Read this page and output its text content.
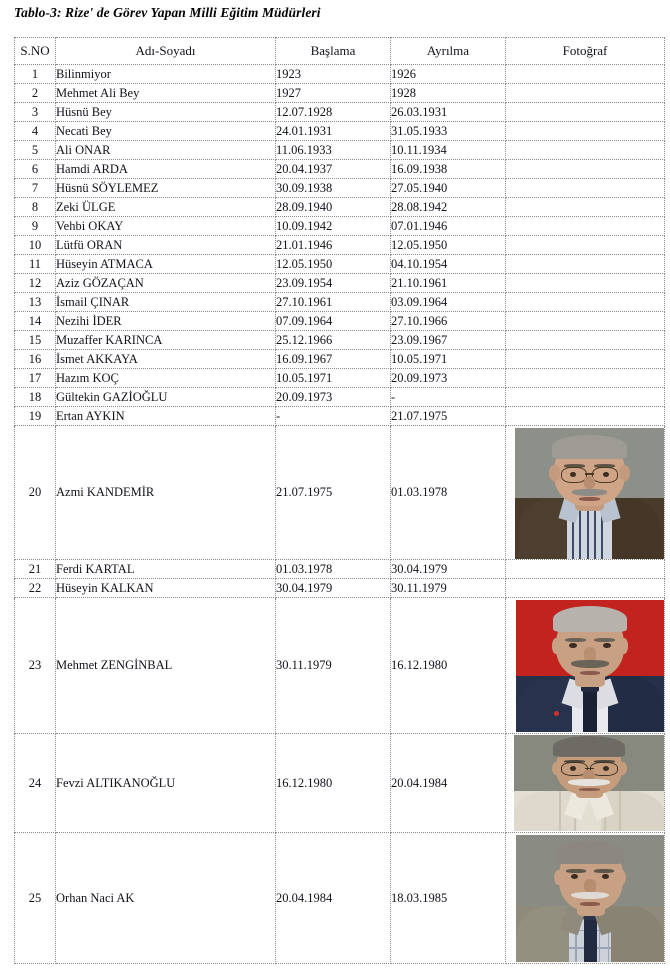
Tablo-3: Rize' de Görev Yapan Milli Eğitim Müdürleri
S.NO	Adı-Soyadı	Başlama	Ayrılma	Fotoğraf
1	Bilinmiyor	1923	1926	
2	Mehmet Ali Bey	1927	1928	
3	Hüsnü Bey	12.07.1928	26.03.1931	
4	Necati Bey	24.01.1931	31.05.1933	
5	Ali ONAR	11.06.1933	10.11.1934	
6	Hamdi ARDA	20.04.1937	16.09.1938	
7	Hüsnü SÖYLEMEZ	30.09.1938	27.05.1940	
8	Zeki ÜLGE	28.09.1940	28.08.1942	
9	Vehbi OKAY	10.09.1942	07.01.1946	
10	Lütfü ORAN	21.01.1946	12.05.1950	
11	Hüseyin ATMACA	12.05.1950	04.10.1954	
12	Aziz GÖZAÇAN	23.09.1954	21.10.1961	
13	İsmail ÇINAR	27.10.1961	03.09.1964	
14	Nezihi İDER	07.09.1964	27.10.1966	
15	Muzaffer KARINCA	25.12.1966	23.09.1967	
16	İsmet AKKAYA	16.09.1967	10.05.1971	
17	Hazım KOÇ	10.05.1971	20.09.1973	
18	Gültekin GAZİOĞLU	20.09.1973	-	
19	Ertan AYKIN	-	21.07.1975	
20	Azmi KANDEMİR	21.07.1975	01.03.1978	

21	Ferdi KARTAL	01.03.1978	30.04.1979	
22	Hüseyin KALKAN	30.04.1979	30.11.1979	
23	Mehmet ZENGİNBAL	30.11.1979	16.12.1980	

24	Fevzi ALTIKANOĞLU	16.12.1980	20.04.1984	

25	Orhan Naci AK	20.04.1984	18.03.1985	
